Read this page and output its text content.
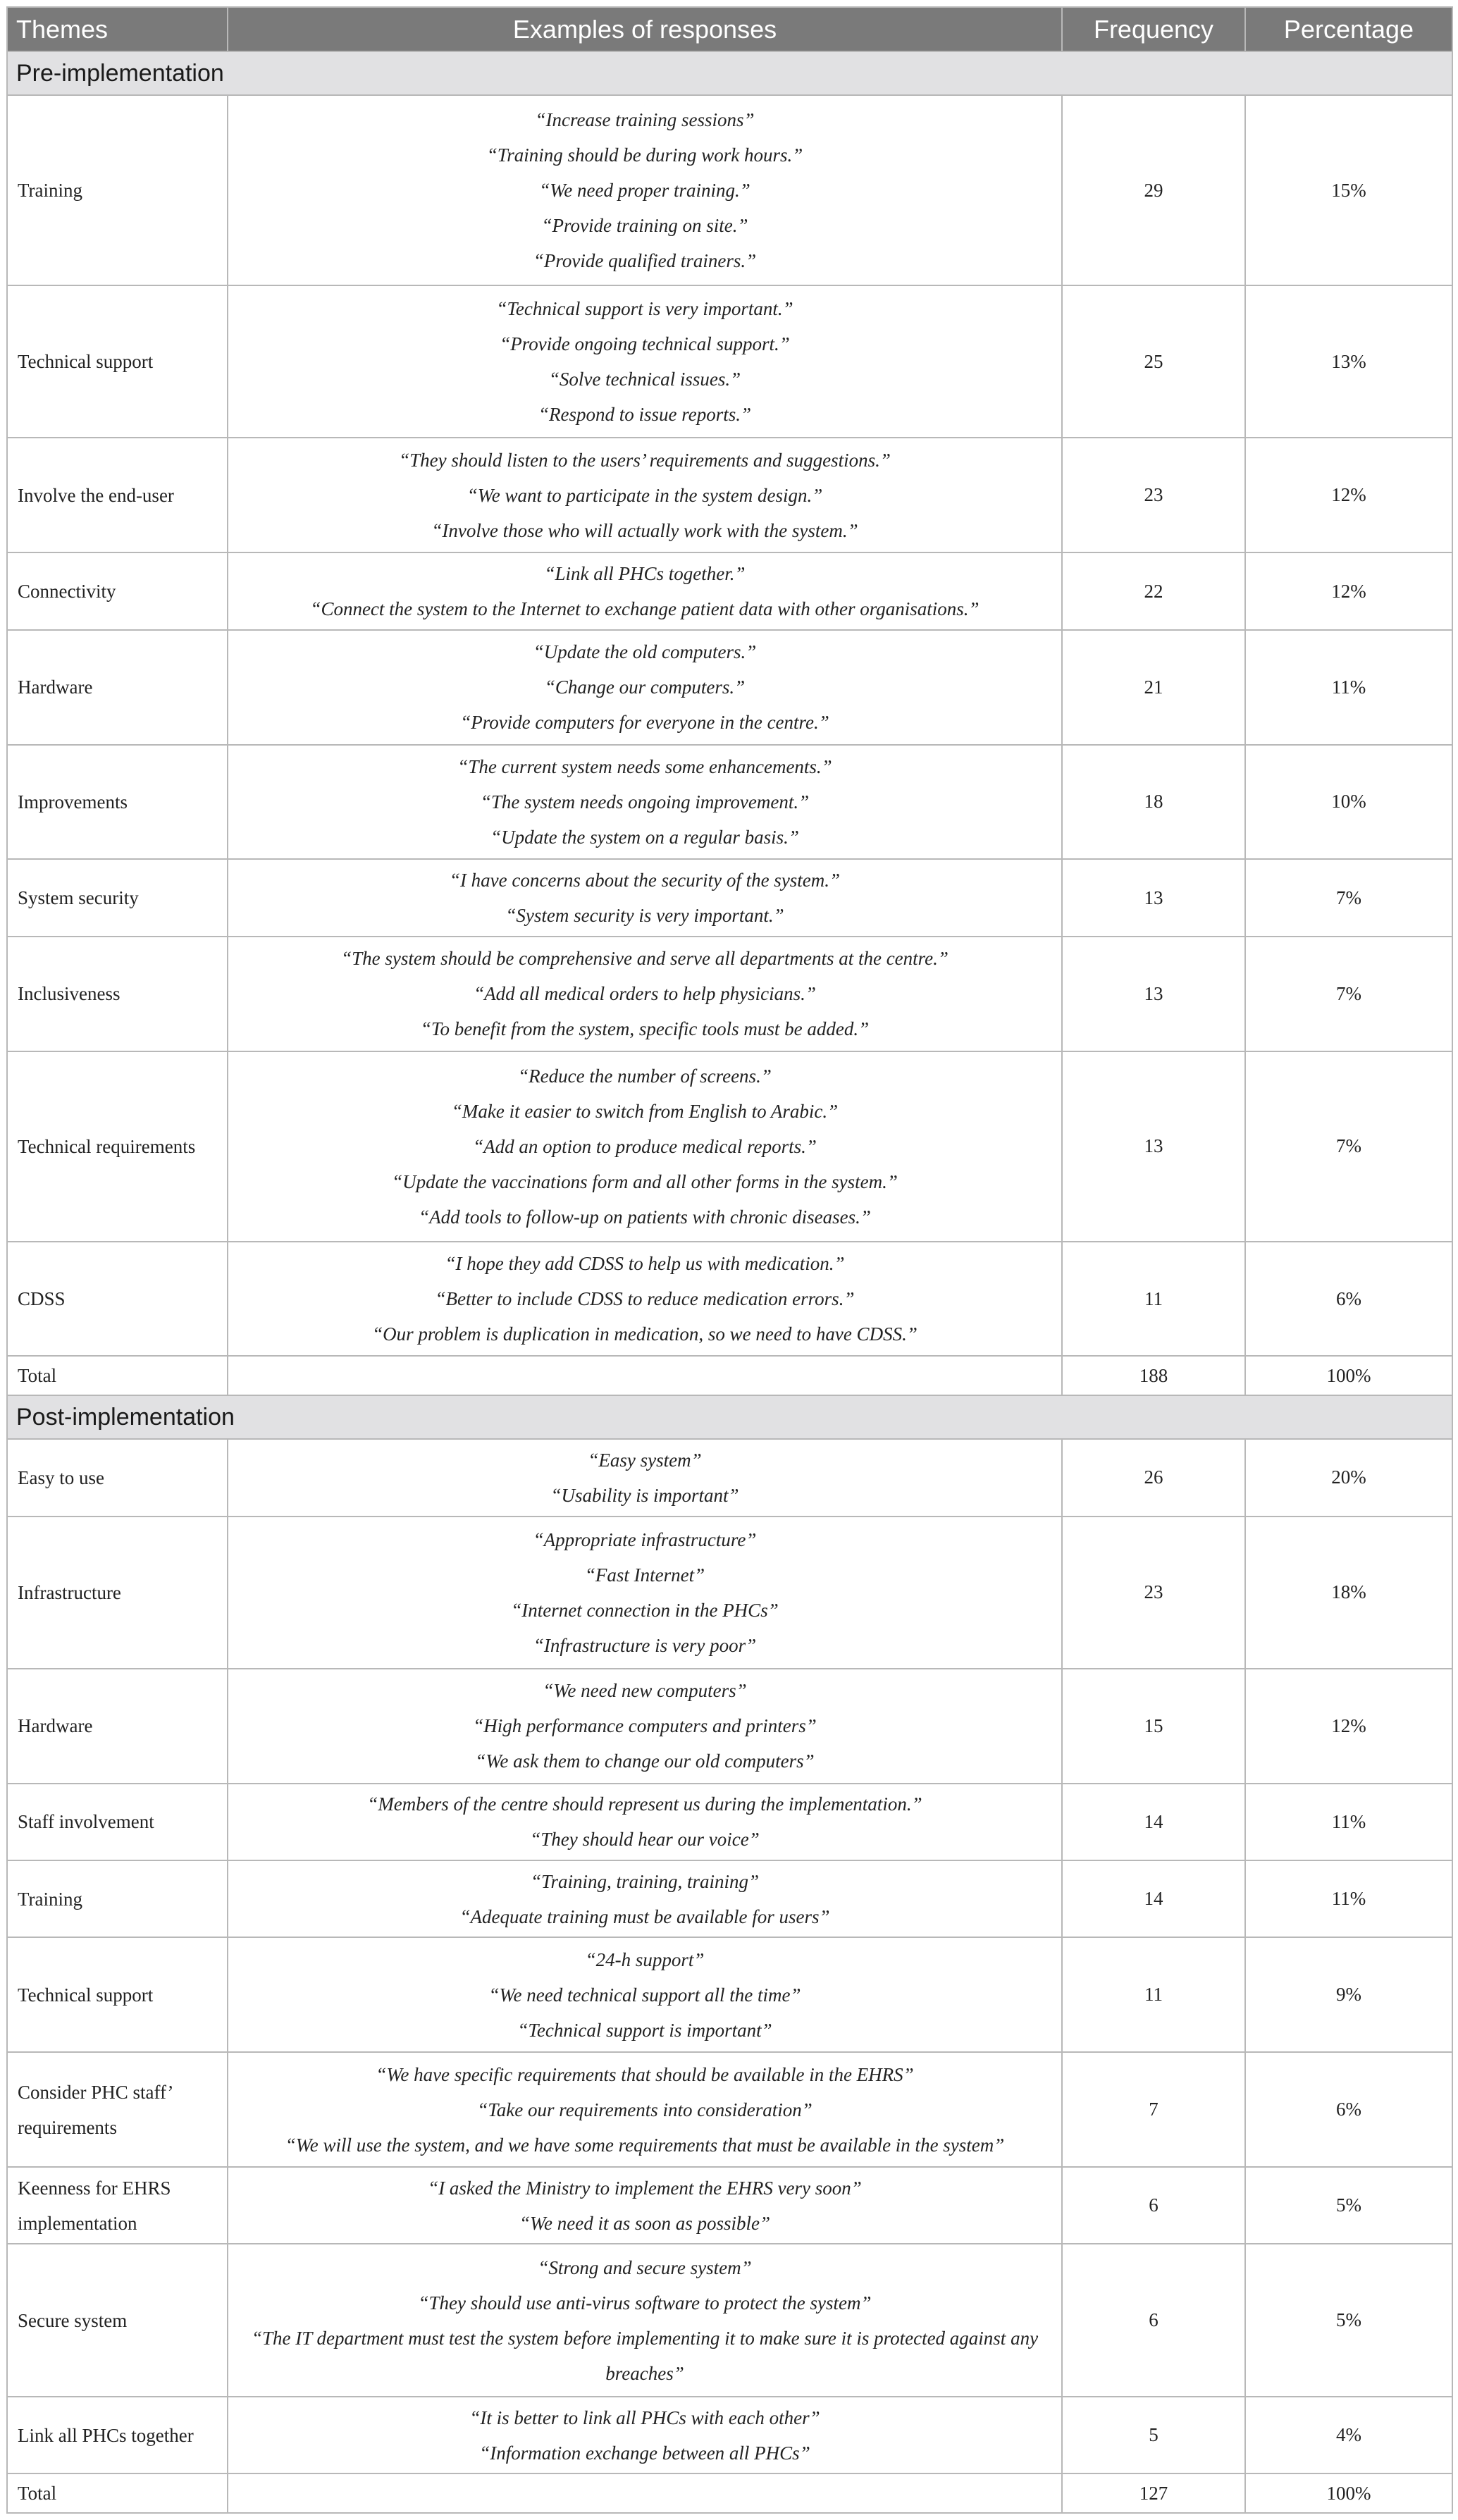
Themes	Examples of responses	Frequency	Percentage
Pre-implementation			
Training	“Increase training sessions”
“Training should be during work hours.”
“We need proper training.”
“Provide training on site.”
“Provide qualified trainers.”	29	15%
Technical support	“Technical support is very important.”
“Provide ongoing technical support.”
“Solve technical issues.”
“Respond to issue reports.”	25	13%
Involve the end-user	“They should listen to the users’ requirements and suggestions.”
“We want to participate in the system design.”
“Involve those who will actually work with the system.”	23	12%
Connectivity	“Link all PHCs together.”
“Connect the system to the Internet to exchange patient data with other organisations.”	22	12%
Hardware	“Update the old computers.”
“Change our computers.”
“Provide computers for everyone in the centre.”	21	11%
Improvements	“The current system needs some enhancements.”
“The system needs ongoing improvement.”
“Update the system on a regular basis.”	18	10%
System security	“I have concerns about the security of the system.”
“System security is very important.”	13	7%
Inclusiveness	“The system should be comprehensive and serve all departments at the centre.”
“Add all medical orders to help physicians.”
“To benefit from the system, specific tools must be added.”	13	7%
Technical requirements	“Reduce the number of screens.”
“Make it easier to switch from English to Arabic.”
“Add an option to produce medical reports.”
“Update the vaccinations form and all other forms in the system.”
“Add tools to follow-up on patients with chronic diseases.”	13	7%
CDSS	“I hope they add CDSS to help us with medication.”
“Better to include CDSS to reduce medication errors.”
“Our problem is duplication in medication, so we need to have CDSS.”	11	6%
Total		188	100%
Post-implementation			
Easy to use	“Easy system”
“Usability is important”	26	20%
Infrastructure	“Appropriate infrastructure”
“Fast Internet”
“Internet connection in the PHCs”
“Infrastructure is very poor”	23	18%
Hardware	“We need new computers”
“High performance computers and printers”
“We ask them to change our old computers”	15	12%
Staff involvement	“Members of the centre should represent us during the implementation.”
“They should hear our voice”	14	11%
Training	“Training, training, training”
“Adequate training must be available for users”	14	11%
Technical support	“24-h support”
“We need technical support all the time”
“Technical support is important”	11	9%
Consider PHC staff’ requirements	“We have specific requirements that should be available in the EHRS”
“Take our requirements into consideration”
“We will use the system, and we have some requirements that must be available in the system”	7	6%
Keenness for EHRS implementation	“I asked the Ministry to implement the EHRS very soon”
“We need it as soon as possible”	6	5%
Secure system	“Strong and secure system”
“They should use anti-virus software to protect the system”
“The IT department must test the system before implementing it to make sure it is protected against any breaches”	6	5%
Link all PHCs together	“It is better to link all PHCs with each other”
“Information exchange between all PHCs”	5	4%
Total		127	100%
